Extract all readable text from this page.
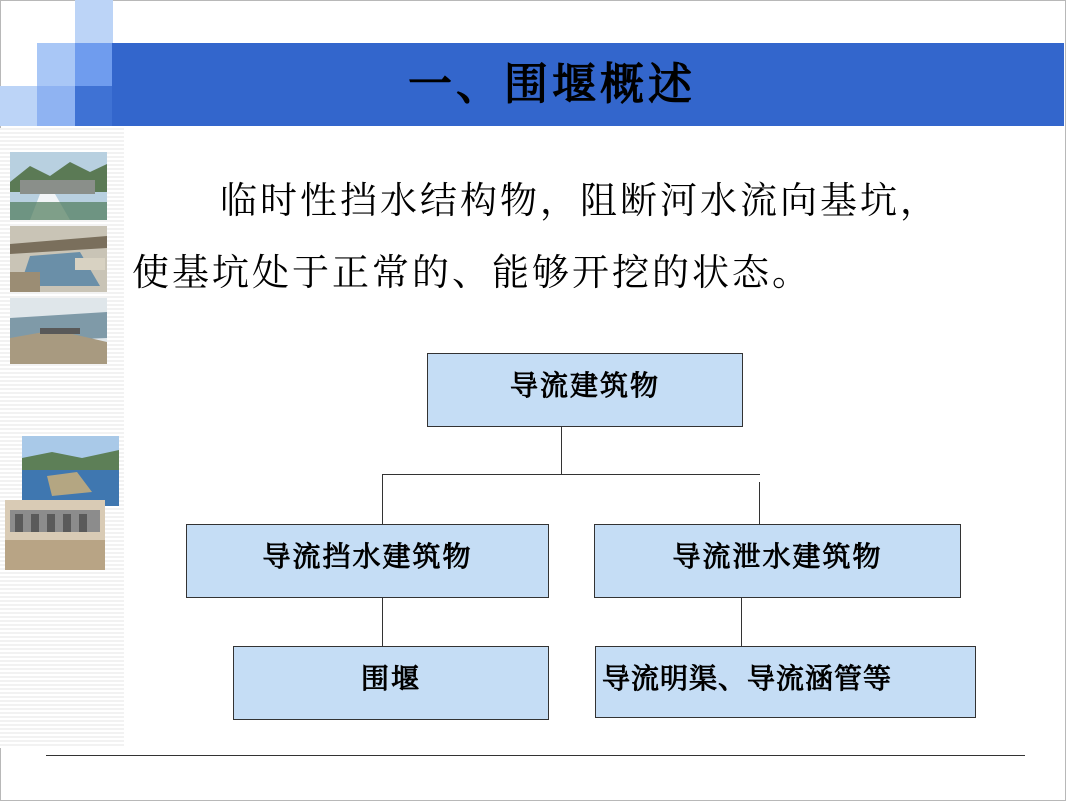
一、围堰概述
临时性挡水结构物，阻断河水流向基坑，
使基坑处于正常的、能够开挖的状态。
导流建筑物
导流挡水建筑物	导流泄水建筑物
围堰	导流明渠、导流涵管等
